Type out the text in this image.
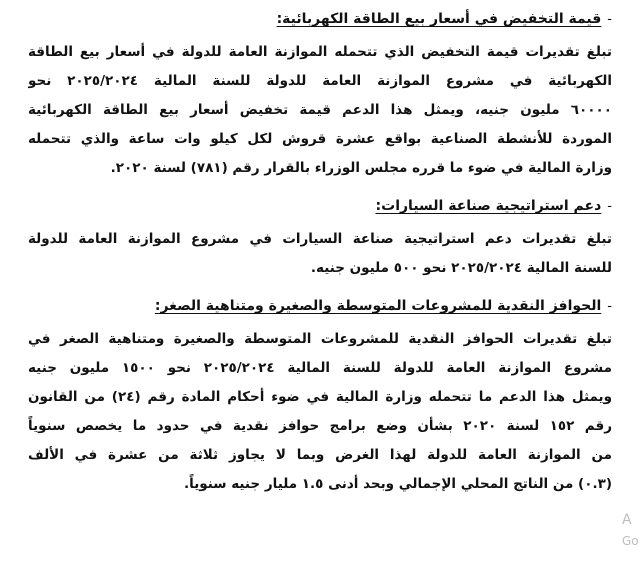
-
قيمة التخفيض في أسعار بيع الطاقة الكهربائية:

تبلغ تقديرات قيمة التخفيض الذي تتحمله الموازنة العامة للدولة في أسعار بيع الطاقة
الكهربائية في مشروع الموازنة العامة للدولة للسنة المالية ٢٠٢٥/٢٠٢٤ نحو
٦٠٠٠٠ مليون جنيه، ويمثل هذا الدعم قيمة تخفيض أسعار بيع الطاقة الكهربائية
الموردة للأنشطة الصناعية بواقع عشرة قروش لكل كيلو وات ساعة والذي تتحمله
وزارة المالية في ضوء ما قرره مجلس الوزراء بالقرار رقم (٧٨١) لسنة ٢٠٢٠.

-
دعم استراتيجية صناعة السيارات:

تبلغ تقديرات دعم استراتيجية صناعة السيارات في مشروع الموازنة العامة للدولة
للسنة المالية ٢٠٢٥/٢٠٢٤ نحو ٥٠٠ مليون جنيه.

-
الحوافز النقدية للمشروعات المتوسطة والصغيرة ومتناهية الصغر:

تبلغ تقديرات الحوافز النقدية للمشروعات المتوسطة والصغيرة ومتناهية الصغر في
مشروع الموازنة العامة للدولة للسنة المالية ٢٠٢٥/٢٠٢٤ نحو ١٥٠٠ مليون جنيه
ويمثل هذا الدعم ما تتحمله وزارة المالية في ضوء أحكام المادة رقم (٢٤) من القانون
رقم ١٥٢ لسنة ٢٠٢٠ بشأن وضع برامج حوافز نقدية في حدود ما يخصص سنوياً
من الموازنة العامة للدولة لهذا الغرض وبما لا يجاوز ثلاثة من عشرة في الألف
(٠.٣) من الناتج المحلي الإجمالي وبحد أدنى ١.٥ مليار جنيه سنوياً.

A
Go
